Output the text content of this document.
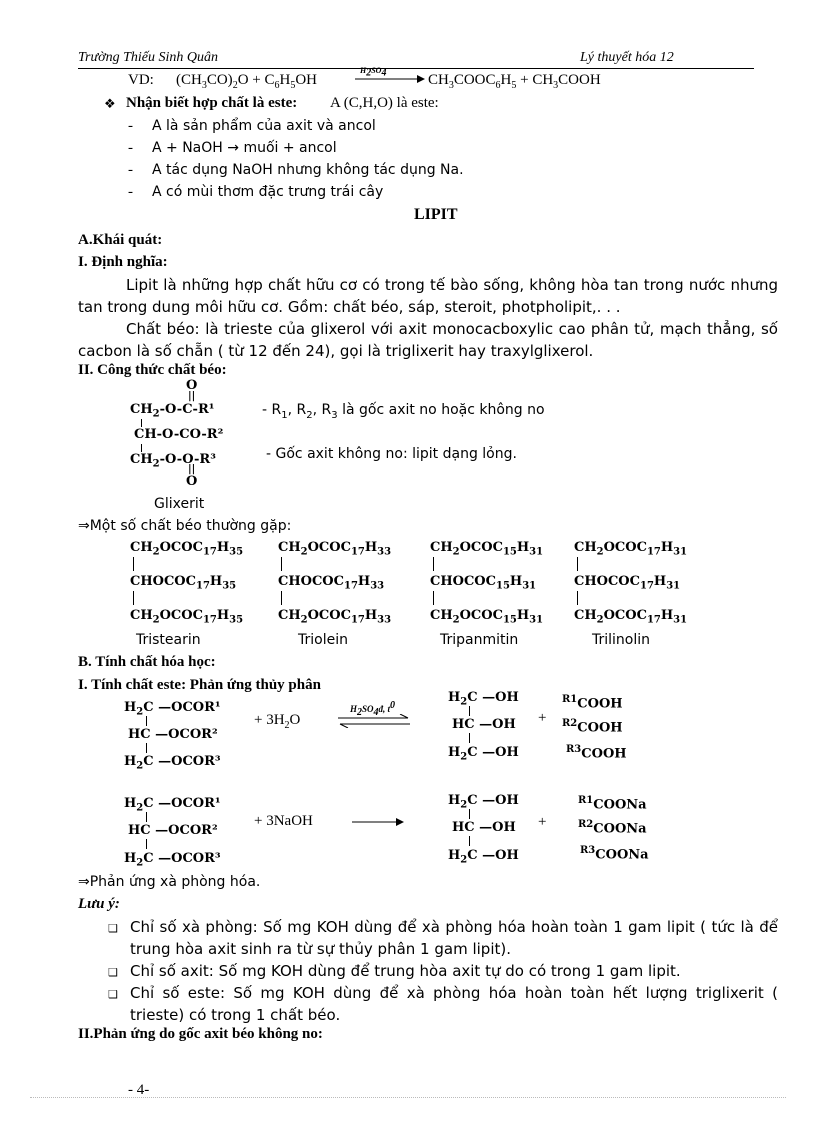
Trường Thiếu Sinh Quân	Lý thuyết hóa 12
VD: $(CH_3CO)_2O + C_6H_5OH$
$H_2SO_4$	$CH_3COOC_6H_5$ + $CH_3COOH$
❖ Nhận biết hợp chất là este: A (C,H,O) là este:
- A là sản phẩm của axit và ancol
- A + NaOH → muối + ancol
- A tác dụng NaOH nhưng không tác dụng Na.
- A có mùi thơm đặc trưng trái cây
LIPIT
A.Khái quát:
I. Định nghĩa:
Lipit là những hợp chất hữu cơ có trong tế bào sống, không hòa tan trong nước nhưng tan trong dung môi hữu cơ. Gồm: chất béo, sáp, steroit, photpholipit,. . .
Chất béo: là trieste của glixerol với axit monocacboxylic cao phân tử, mạch thẳng, số cacbon là số chẵn ( từ 12 đến 24), gọi là triglixerit hay traxylglixerol.
II. Công thức chất béo:
O
||
$CH_2-O-C-R^1$
CH-O-CO-R²
$CH_2-O-O-R^3$
||
O
- $R_1$, $R_2$, $R_3$ là gốc axit no hoặc không no
- Gốc axit không no: lipit dạng lỏng.
Glixerit
⇒Một số chất béo thường gặp:
$CH_2OCOC_{17}H_{35}$
$CHOCOC_{17}H_{35}$
$CH_2OCOC_{17}H_{35}$
Tristearin
$CH_2OCOC_{17}H_{33}$
$CHOCOC_{17}H_{33}$
$CH_2OCOC_{17}H_{33}$
Triolein
$CH_2OCOC_{15}H_{31}$
$CHOCOC_{15}H_{31}$
$CH_2OCOC_{15}H_{31}$
Tripanmitin
$CH_2OCOC_{17}H_{31}$
$CHOCOC_{17}H_{31}$
$CH_2OCOC_{17}H_{31}$
Trilinolin
B. Tính chất hóa học:
I. Tính chất este: Phản ứng thủy phân
$H_2C$ —OCOR¹
HC —OCOR²
$H_2C$ —OCOR³
+ $3H_2O$
$H_2SO_4đ$, $t^0$
$H_2C$ —OH
HC —OH
$H_2C$ —OH
+
$^{R1}$COOH
$^{R2}$COOH
$^{R3}$COOH
$H_2C$ —OCOR¹
HC —OCOR²
$H_2C$ —OCOR³
+ 3NaOH
$H_2C$ —OH
HC —OH
$H_2C$ —OH
+
$^{R1}$COONa
$^{R2}$COONa
$^{R3}$COONa
⇒Phản ứng xà phòng hóa.
Lưu ý:
❑ Chỉ số xà phòng: Số mg KOH dùng để xà phòng hóa hoàn toàn 1 gam lipit ( tức là để trung hòa axit sinh ra từ sự thủy phân 1 gam lipit).
❑ Chỉ số axit: Số mg KOH dùng để trung hòa axit tự do có trong 1 gam lipit.
❑ Chỉ số este: Số mg KOH dùng để xà phòng hóa hoàn toàn hết lượng triglixerit ( trieste) có trong 1 chất béo.
II.Phản ứng do gốc axit béo không no:
- 4-
